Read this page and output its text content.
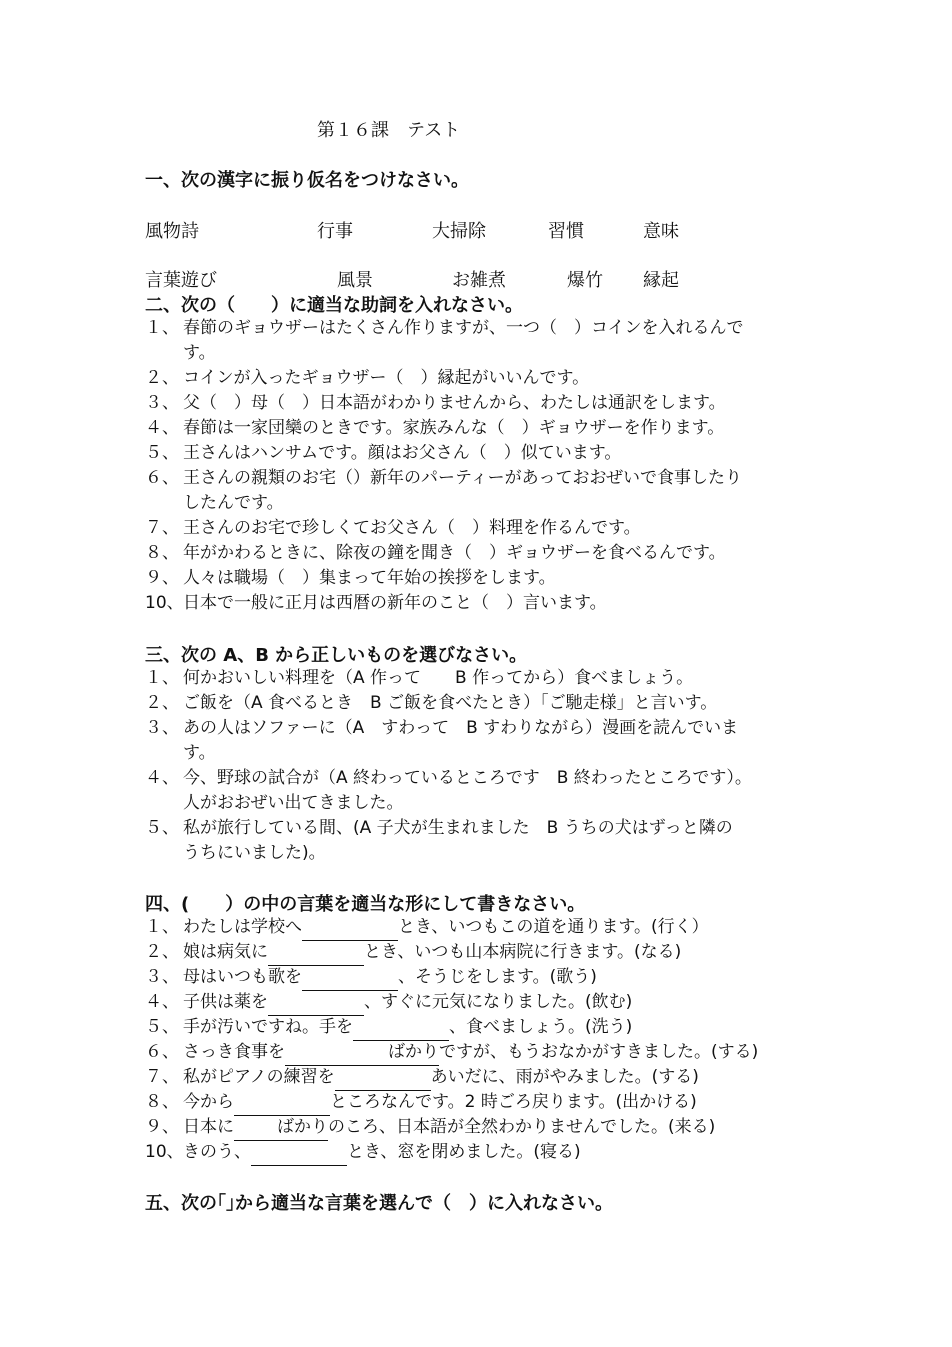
第１６課　テスト
一、次の漢字に振り仮名をつけなさい。
風物詩	行事	大掃除	習慣	意味
言葉遊び	風景	お雑煮	爆竹 縁起
二、次の（　　）に適当な助詞を入れなさい。
１、 春節のギョウザーはたくさん作りますが、一つ（　）コインを入れるんで
す。
２、 コインが入ったギョウザー（　）縁起がいいんです。
３、 父（　）母（　）日本語がわかりませんから、わたしは通訳をします。
４、 春節は一家団欒のときです。家族みんな（　）ギョウザーを作ります。
５、 王さんはハンサムです。顔はお父さん（　）似ています。
６、 王さんの親類のお宅（）新年のパーティーがあっておおぜいで食事したり
したんです。
７、 王さんのお宅で珍しくてお父さん（　）料理を作るんです。
８、 年がかわるときに、除夜の鐘を聞き（　）ギョウザーを食べるんです。
９、 人々は職場（　）集まって年始の挨拶をします。
10、日本で一般に正月は西暦の新年のこと（　）言います。
三、次の A、B から正しいものを選びなさい。
１、 何かおいしい料理を（A 作って　　B 作ってから）食べましょう。
２、 ご飯を（A 食べるとき　B ご飯を食べたとき）「ご馳走様」と言いす。
３、 あの人はソファーに（A　すわって　B すわりながら）漫画を読んでいま
す。
４、 今、野球の試合が（A 終わっているところです　B 終わったところです）。
人がおおぜい出てきました。
５、 私が旅行している間、(A 子犬が生まれました　B うちの犬はずっと隣の
うちにいました)。
四、(　　）の中の言葉を適当な形にして書きなさい。
１、 わたしは学校へ	とき、いつもこの道を通ります。(行く）
２、 娘は病気に	とき、いつも山本病院に行きます。(なる)
３、 母はいつも歌を	、そうじをします。(歌う)
４、 子供は薬を	、すぐに元気になりました。(飲む)
５、 手が汚いですね。手を	、食べましょう。(洗う)
６、 さっき食事を	ばかりですが、もうおなかがすきました。(する)
７、 私がピアノの練習を	あいだに、雨がやみました。(する)
８、 今から	ところなんです。2 時ごろ戻ります。(出かける)
９、 日本に	ばかりのころ、日本語が全然わかりませんでした。(来る)
10、きのう、	とき、窓を閉めました。(寝る)
五、次の｢｣から適当な言葉を選んで（　）に入れなさい。
